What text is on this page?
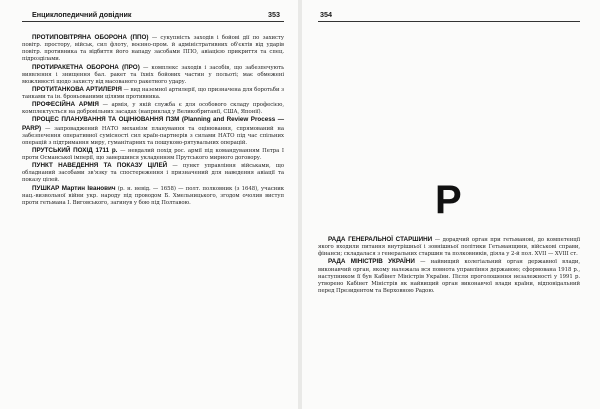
Енциклопедичний довідник	353

ПРОТИПОВІТРЯНА ОБОРОНА (ППО) — сукупність заходів і бойові дії по захисту повітр. простору, військ, сил флоту, воєнно-пром. й адміністративних об'єктів від ударів повітр. противника та відбиття його нападу засобами ППО, авіацією прикриття та спец. підрозділами.

ПРОТИРАКЕТНА ОБОРОНА (ПРО) — комплекс заходів і засобів, що забезпечують виявлення і знищення бал. ракет та їхніх бойових частин у польоті; має обмежені можливості щодо захисту від масованого ракетного удару.

ПРОТИТАНКОВА АРТИЛЕРІЯ — вид наземної артилерії, що призначена для боротьби з танками та ін. броньованими цілями противника.

ПРОФЕСІЙНА АРМІЯ — армія, у якій служба є для особового складу професією, комплектується на добровільних засадах (наприклад у Великобританії, США, Японії).

ПРОЦЕС ПЛАНУВАННЯ ТА ОЦІНЮВАННЯ ПЗМ (Planning and Review Process — PARP) — запроваджений НАТО механізм планування та оцінювання, спрямований на забезпечення оперативної сумісності сил країн-партнерів з силами НАТО під час спільних операцій з підтримання миру, гуманітарних та пошуково-рятувальних операцій.

ПРУТСЬКИЙ ПОХІД 1711 р. — невдалий похід рос. армії під командуванням Петра I проти Османської імперії, що завершився укладенням Прутського мирного договору.

ПУНКТ НАВЕДЕННЯ ТА ПОКАЗУ ЦІЛЕЙ — пункт управління військами, що обладнаний засобами зв'язку та спостереження і призначений для наведення авіації та показу цілей.

ПУШКАР Мартин Іванович (р. н. невід. — 1658) — полт. полковник (з 1648), учасник нац.-визвольної війни укр. народу під проводом Б. Хмельницького, згодом очолив виступ проти гетьмана І. Виговського, загинув у бою під Полтавою.

354
Р

РАДА ГЕНЕРАЛЬНОЇ СТАРШИНИ — дорадчий орган при гетьманові, до компетенції якого входили питання внутрішньої і зовнішньої політики Гетьманщини, військові справи, фінанси; складалася з генеральних старшин та полковників, діяла у 2-й пол. XVII — XVIII ст.

РАДА МІНІСТРІВ УКРАЇНИ — найвищий колегіальний орган державної влади, виконавчий орган, якому належала вся повнота управління державою; сформована 1918 р., наступником її був Кабінет Міністрів України. Після проголошення незалежності у 1991 р. утворено Кабінет Міністрів як найвищий орган виконавчої влади країни, відповідальний перед Президентом та Верховною Радою.
